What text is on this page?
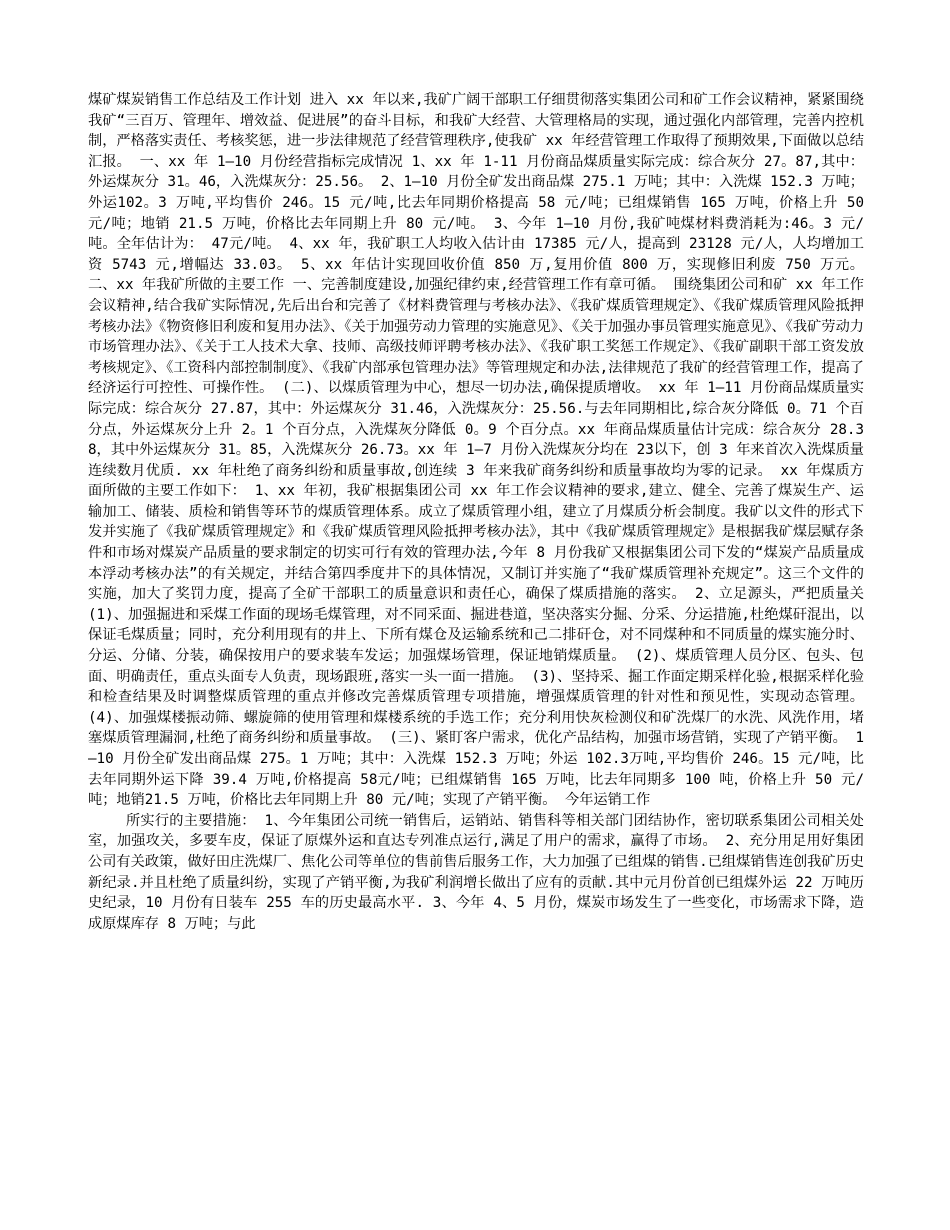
煤矿煤炭销售工作总结及工作计划 进入 xx 年以来,我矿广阔干部职工仔细贯彻落实集团公司和矿工作会议精神，紧紧围绕我矿“三百万、管理年、增效益、促进展”的奋斗目标，和我矿大经营、大管理格局的实现，通过强化内部管理，完善内控机制，严格落实责任、考核奖惩，进一步法律规范了经营管理秩序,使我矿 xx 年经营管理工作取得了预期效果,下面做以总结汇报。 一、xx 年 1—10 月份经营指标完成情况 1、xx 年 1-11 月份商品煤质量实际完成：综合灰分 27。87,其中：外运煤灰分 31。46，入洗煤灰分：25.56。 2、1—10 月份全矿发出商品煤 275.1 万吨；其中：入洗煤 152.3 万吨；外运102。3 万吨,平均售价 246。15 元/吨,比去年同期价格提高 58 元/吨；已组煤销售 165 万吨，价格上升 50 元/吨；地销 21.5 万吨，价格比去年同期上升 80 元/吨。 3、今年 1—10 月份,我矿吨煤材料费消耗为:46。3 元/吨。全年估计为： 47元/吨。 4、xx 年，我矿职工人均收入估计由 17385 元/人，提高到 23128 元/人，人均增加工资 5743 元,增幅达 33.03。 5、xx 年估计实现回收价值 850 万,复用价值 800 万，实现修旧利废 750 万元。 二、xx 年我矿所做的主要工作 一、完善制度建设,加强纪律约束,经营管理工作有章可循。 围绕集团公司和矿 xx 年工作会议精神,结合我矿实际情况,先后出台和完善了《材料费管理与考核办法》、《我矿煤质管理规定》、《我矿煤质管理风险抵押考核办法》《物资修旧利废和复用办法》、《关于加强劳动力管理的实施意见》、《关于加强办事员管理实施意见》、《我矿劳动力市场管理办法》、《关于工人技术大拿、技师、高级技师评聘考核办法》、《我矿职工奖惩工作规定》、《我矿副职干部工资发放考核规定》、《工资科内部控制制度》、《我矿内部承包管理办法》等管理规定和办法,法律规范了我矿的经营管理工作，提高了经济运行可控性、可操作性。 (二)、以煤质管理为中心，想尽一切办法,确保提质增收。 xx 年 1—11 月份商品煤质量实际完成：综合灰分 27.87，其中：外运煤灰分 31.46，入洗煤灰分：25.56.与去年同期相比,综合灰分降低 0。71 个百分点，外运煤灰分上升 2。1 个百分点，入洗煤灰分降低 0。9 个百分点。xx 年商品煤质量估计完成：综合灰分 28.38，其中外运煤灰分 31。85，入洗煤灰分 26.73。xx 年 1—7 月份入洗煤灰分均在 23以下，创 3 年来首次入洗煤质量连续数月优质. xx 年杜绝了商务纠纷和质量事故,创连续 3 年来我矿商务纠纷和质量事故均为零的记录。 xx 年煤质方面所做的主要工作如下： 1、xx 年初，我矿根据集团公司 xx 年工作会议精神的要求,建立、健全、完善了煤炭生产、运输加工、储装、质检和销售等环节的煤质管理体系。成立了煤质管理小组，建立了月煤质分析会制度。我矿以文件的形式下发并实施了《我矿煤质管理规定》和《我矿煤质管理风险抵押考核办法》，其中《我矿煤质管理规定》是根据我矿煤层赋存条件和市场对煤炭产品质量的要求制定的切实可行有效的管理办法,今年 8 月份我矿又根据集团公司下发的“煤炭产品质量成本浮动考核办法”的有关规定，并结合第四季度井下的具体情况，又制订并实施了“我矿煤质管理补充规定”。这三个文件的实施，加大了奖罚力度，提高了全矿干部职工的质量意识和责任心，确保了煤质措施的落实。 2、立足源头，严把质量关 (1)、加强掘进和采煤工作面的现场毛煤管理，对不同采面、掘进巷道，坚决落实分掘、分采、分运措施,杜绝煤矸混出，以保证毛煤质量；同时，充分利用现有的井上、下所有煤仓及运输系统和己二排矸仓，对不同煤种和不同质量的煤实施分时、分运、分储、分装，确保按用户的要求装车发运；加强煤场管理，保证地销煤质量。 (2)、煤质管理人员分区、包头、包面、明确责任，重点头面专人负责，现场跟班,落实一头一面一措施。 (3)、坚持采、掘工作面定期采样化验,根据采样化验和检查结果及时调整煤质管理的重点并修改完善煤质管理专项措施，增强煤质管理的针对性和预见性，实现动态管理。 (4)、加强煤楼振动筛、螺旋筛的使用管理和煤楼系统的手选工作；充分利用快灰检测仪和矿洗煤厂的水洗、风洗作用，堵塞煤质管理漏洞,杜绝了商务纠纷和质量事故。 (三)、紧盯客户需求，优化产品结构，加强市场营销，实现了产销平衡。 1—10 月份全矿发出商品煤 275。1 万吨；其中：入洗煤 152.3 万吨；外运 102.3万吨,平均售价 246。15 元/吨，比去年同期外运下降 39.4 万吨,价格提高 58元/吨；已组煤销售 165 万吨，比去年同期多 100 吨，价格上升 50 元/吨；地销21.5 万吨，价格比去年同期上升 80 元/吨；实现了产销平衡。 今年运销工作

所实行的主要措施： 1、今年集团公司统一销售后，运销站、销售科等相关部门团结协作，密切联系集团公司相关处室，加强攻关，多要车皮，保证了原煤外运和直达专列准点运行,满足了用户的需求，赢得了市场。 2、充分用足用好集团公司有关政策，做好田庄洗煤厂、焦化公司等单位的售前售后服务工作，大力加强了已组煤的销售.已组煤销售连创我矿历史新纪录.并且杜绝了质量纠纷，实现了产销平衡,为我矿利润增长做出了应有的贡献.其中元月份首创已组煤外运 22 万吨历史纪录，10 月份有日装车 255 车的历史最高水平. 3、今年 4、5 月份，煤炭市场发生了一些变化，市场需求下降，造成原煤库存 8 万吨；与此
